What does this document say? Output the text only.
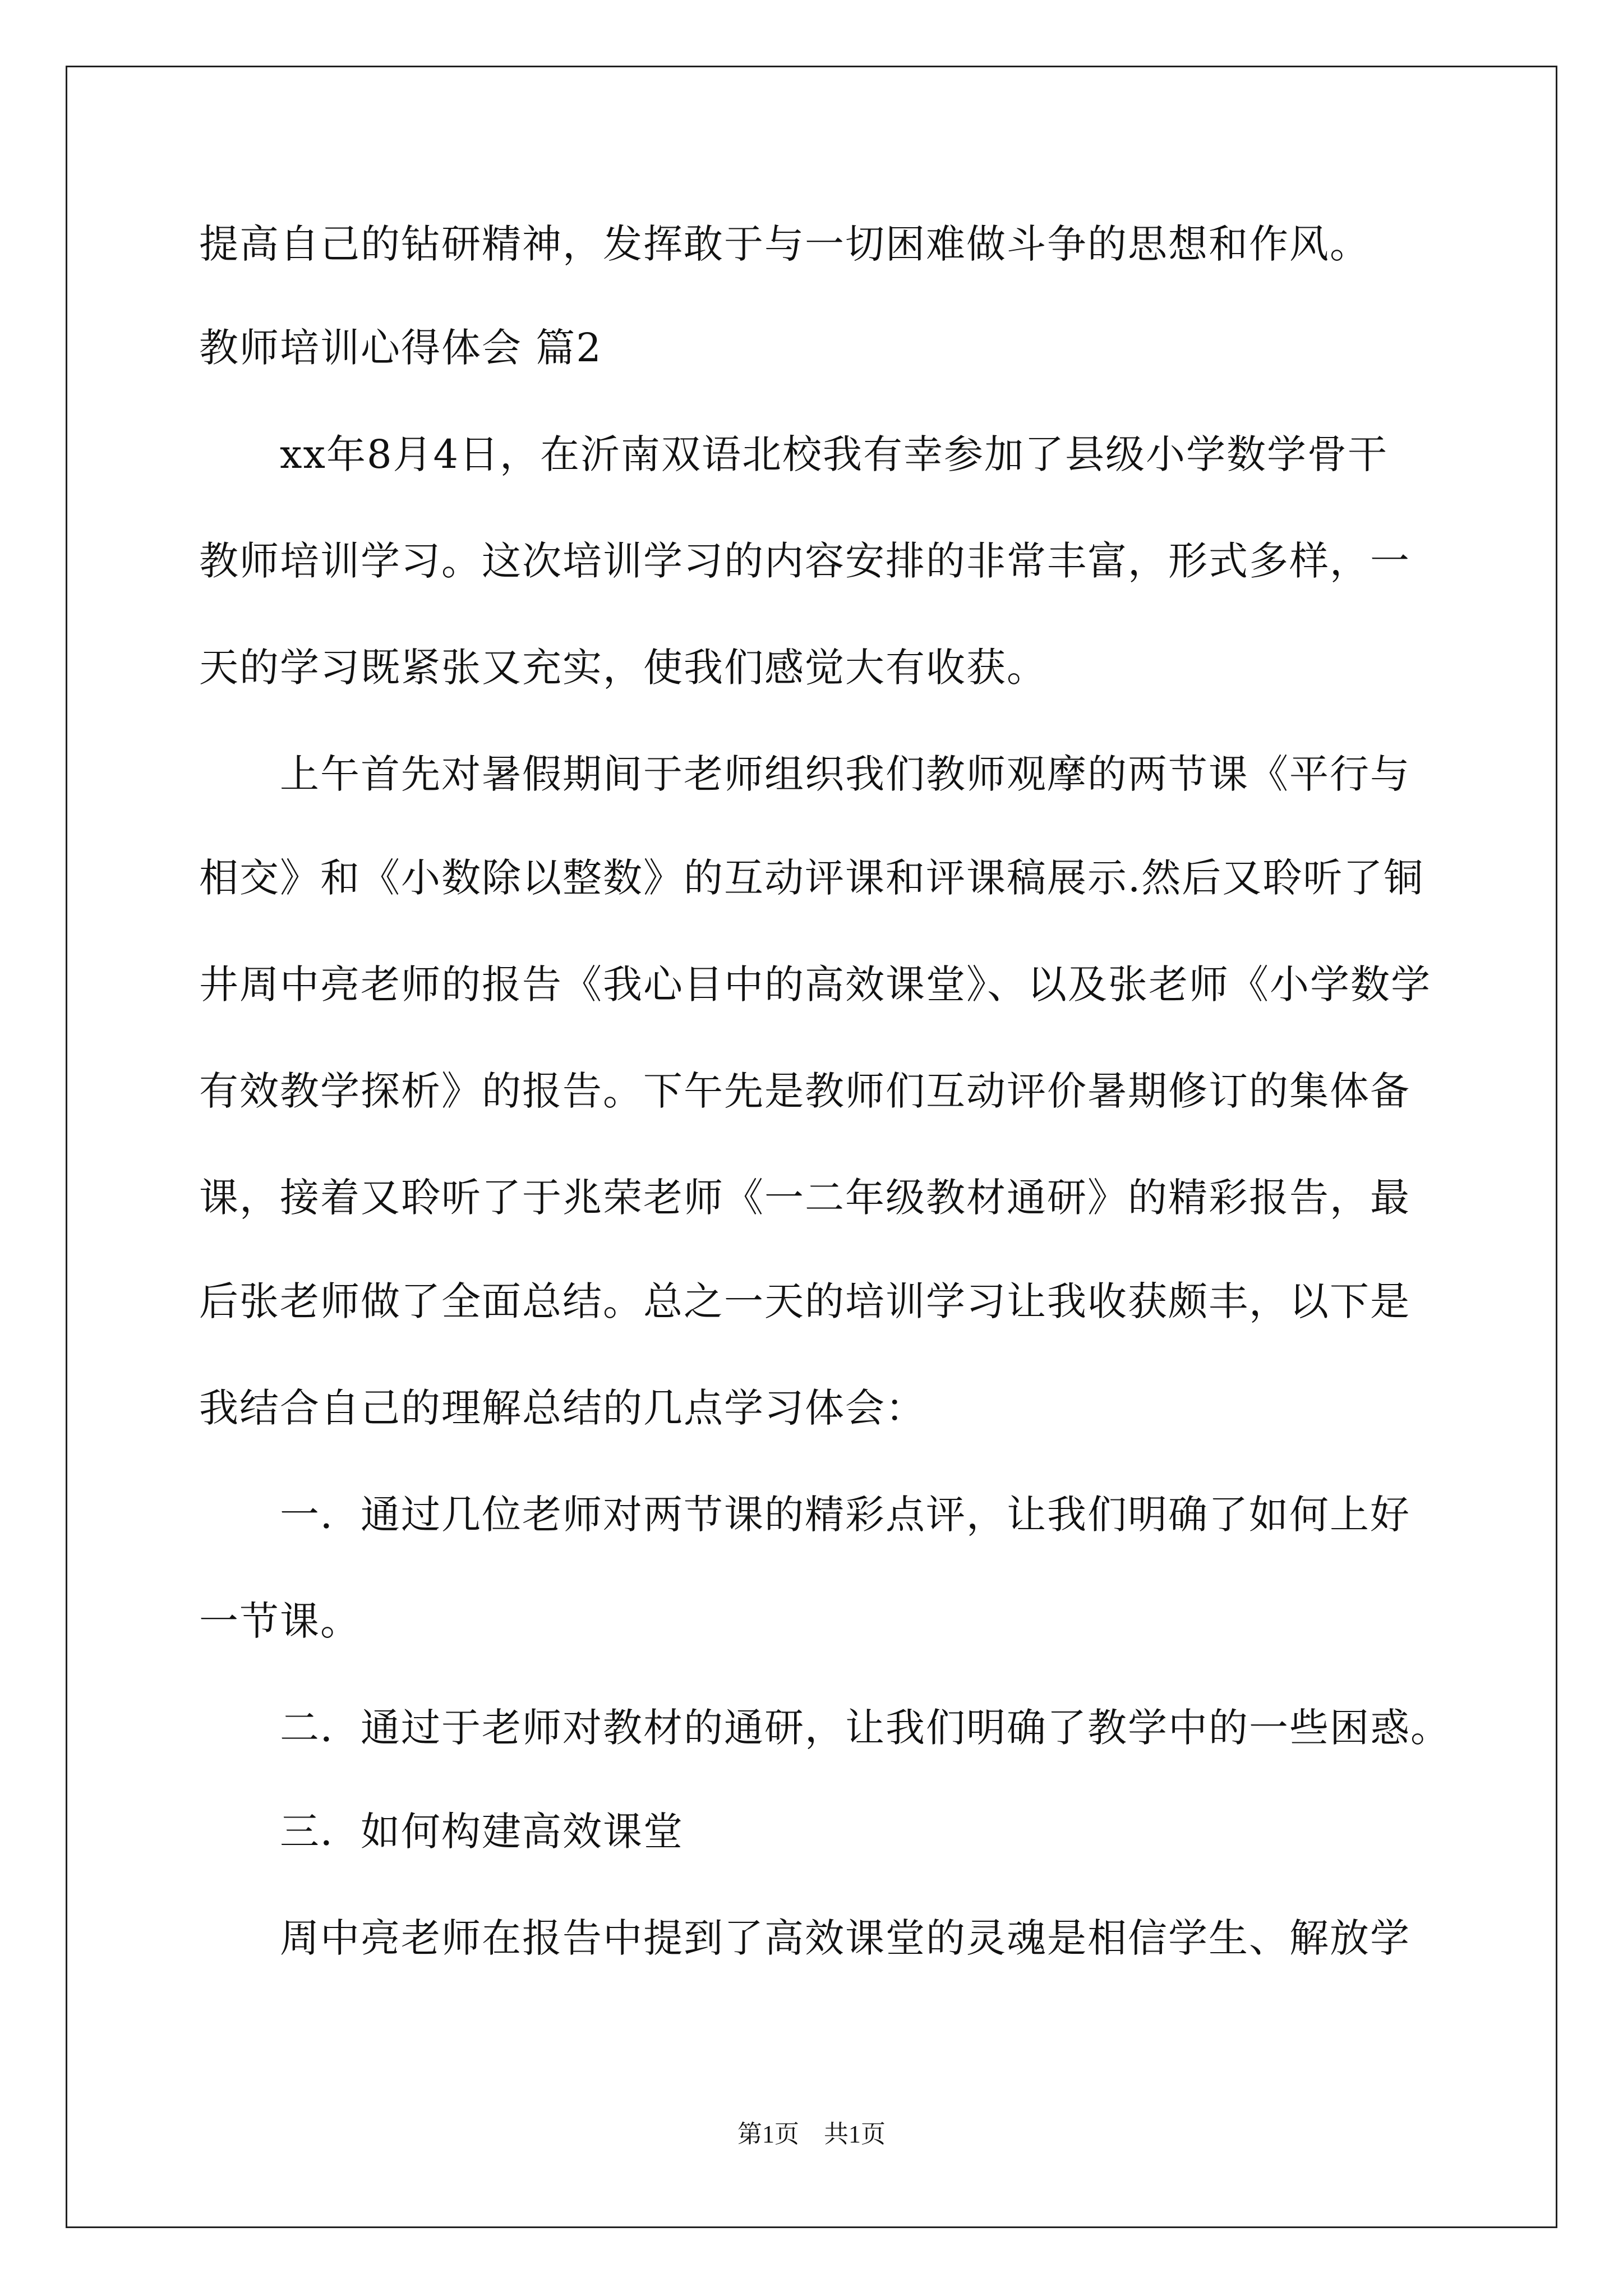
提高自己的钻研精神，发挥敢于与一切困难做斗争的思想和作风。
教师培训心得体会 篇2
　　xx年8月4日，在沂南双语北校我有幸参加了县级小学数学骨干
教师培训学习。这次培训学习的内容安排的非常丰富，形式多样，一
天的学习既紧张又充实，使我们感觉大有收获。
　　上午首先对暑假期间于老师组织我们教师观摩的两节课《平行与
相交》和《小数除以整数》的互动评课和评课稿展示.然后又聆听了铜
井周中亮老师的报告《我心目中的高效课堂》、以及张老师《小学数学
有效教学探析》的报告。下午先是教师们互动评价暑期修订的集体备
课，接着又聆听了于兆荣老师《一二年级教材通研》的精彩报告，最
后张老师做了全面总结。总之一天的培训学习让我收获颇丰，以下是
我结合自己的理解总结的几点学习体会：
　　一．通过几位老师对两节课的精彩点评，让我们明确了如何上好
一节课。
　　二．通过于老师对教材的通研，让我们明确了教学中的一些困惑。
　　三．如何构建高效课堂
　　周中亮老师在报告中提到了高效课堂的灵魂是相信学生、解放学
第1页　共1页
